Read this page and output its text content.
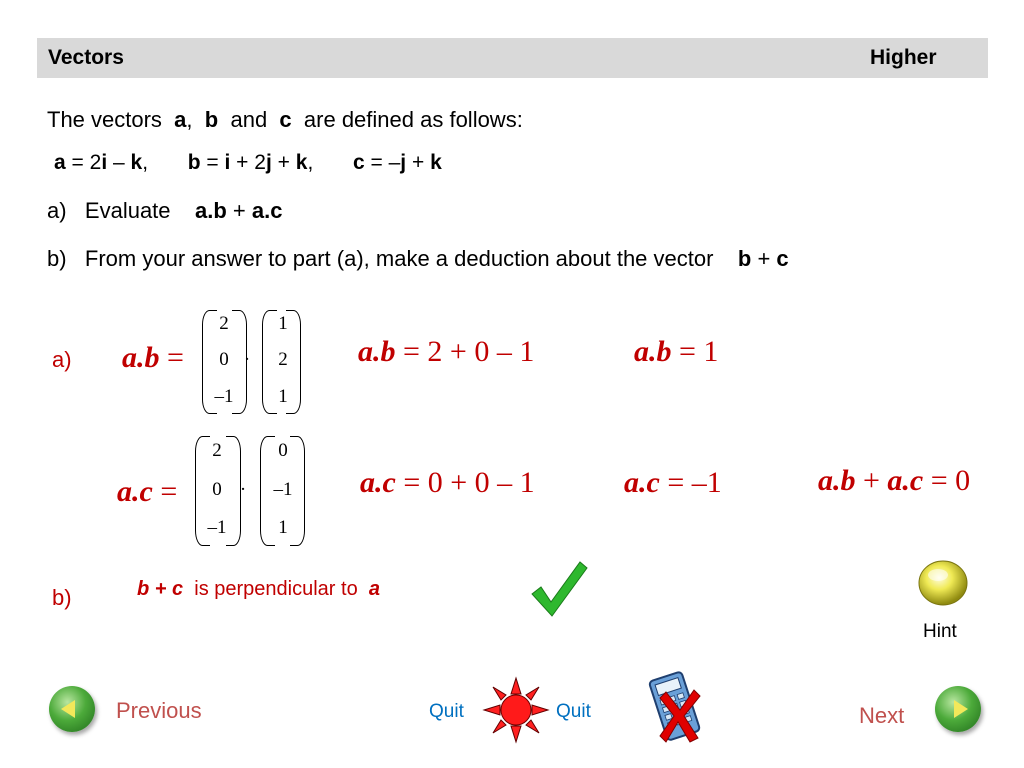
Vectors	Higher
The vectors a, b and c are defined as follows:
a = 2i – k, b = i + 2j + k, c = –j + k
a) Evaluate a.b + a.c
b) From your answer to part (a), make a deduction about the vector b + c
a) a.b =
2
0
–1
·
1
2
1
a.b = 2 + 0 – 1	a.b = 1
a.c =
2
0
–1
·
0
–1
1
a.c = 0 + 0 – 1	a.c = –1	a.b + a.c = 0
b)	b + c is perpendicular to a
Hint
Previous	Quit	Quit	Next
